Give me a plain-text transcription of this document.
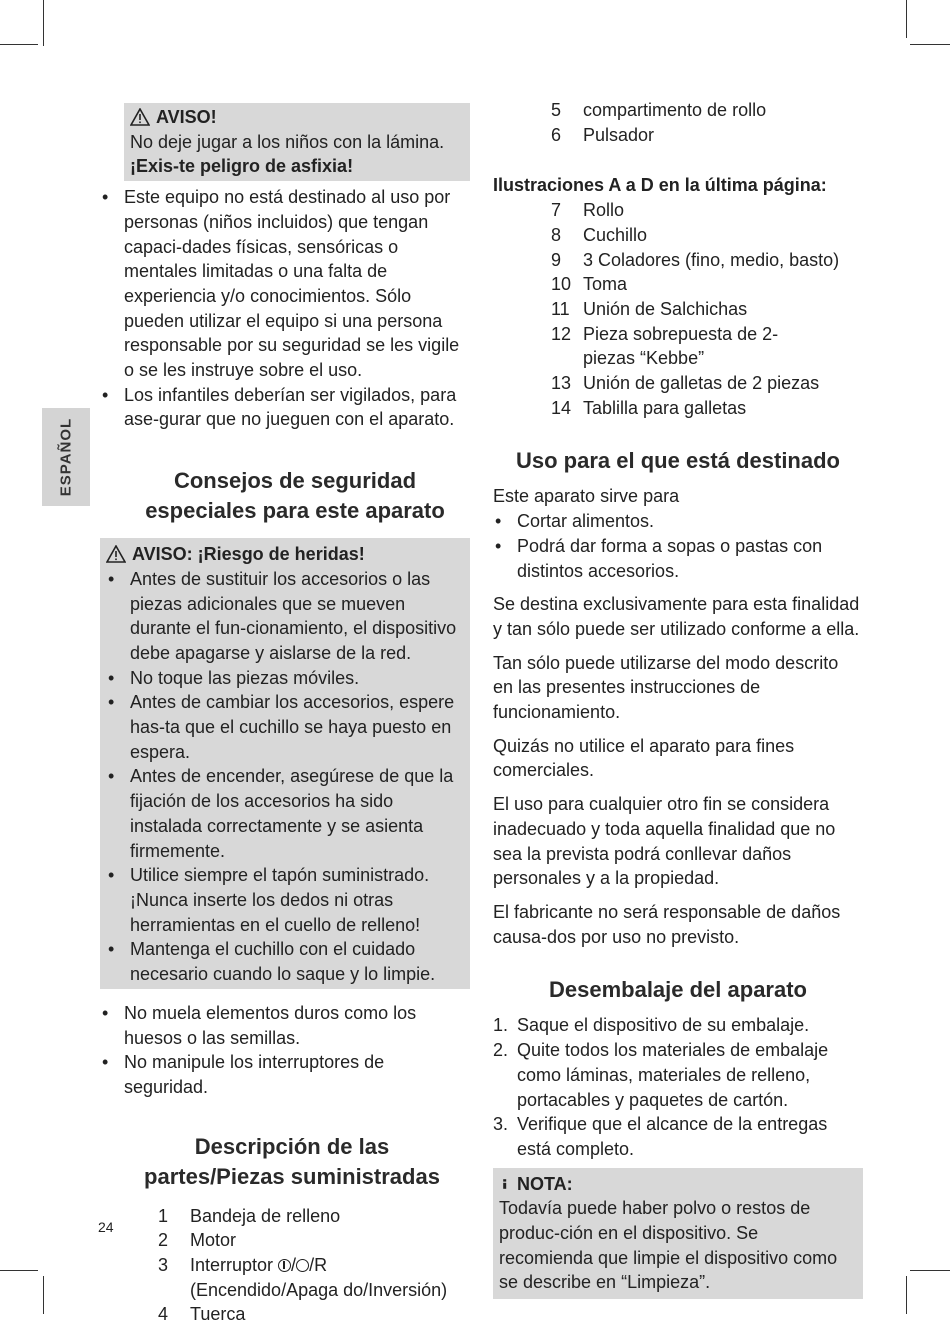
ESPAÑOL
AVISO!

No deje jugar a los niños con la lámina. ¡Exis-te peligro de asfixia!

• Este equipo no está destinado al uso por personas (niños incluidos) que tengan capaci-dades físicas, sensóricas o mentales limitadas o una falta de experiencia y/o conocimientos. Sólo pueden utilizar el equipo si una persona responsable por su seguridad se les vigile o se les instruye sobre el uso.

• Los infantiles deberían ser vigilados, para ase-gurar que no jueguen con el aparato.

Consejos de seguridad especiales para este aparato
AVISO: ¡Riesgo de heridas!

• Antes de sustituir los accesorios o las piezas adicionales que se mueven durante el fun-cionamiento, el dispositivo debe apagarse y aislarse de la red.

• No toque las piezas móviles.

• Antes de cambiar los accesorios, espere has-ta que el cuchillo se haya puesto en espera.

• Antes de encender, asegúrese de que la fijación de los accesorios ha sido instalada correctamente y se asienta firmemente.

• Utilice siempre el tapón suministrado. ¡Nunca inserte los dedos ni otras herramientas en el cuello de relleno!

• Mantenga el cuchillo con el cuidado necesario cuando lo saque y lo limpie.

• No muela elementos duros como los huesos o las semillas.

• No manipule los interruptores de seguridad.

Descripción de las partes/Piezas suministradas
1	Bandeja de relleno
2	Motor
3	Interruptor / /R (Encendido/Apaga do/Inversión)
4	Tuerca
5	compartimento de rollo
6	Pulsador

Ilustraciones A a D en la última página:

7	Rollo
8	Cuchillo
9	3 Coladores (fino, medio, basto)
10 Toma
11 Unión de Salchichas
12 Pieza sobrepuesta de 2-piezas “Kebbe”
13 Unión de galletas de 2 piezas
14 Tablilla para galletas
Uso para el que está destinado

Este aparato sirve para

• Cortar alimentos.

• Podrá dar forma a sopas o pastas con distintos accesorios.

Se destina exclusivamente para esta finalidad y tan sólo puede ser utilizado conforme a ella.

Tan sólo puede utilizarse del modo descrito en las presentes instrucciones de funcionamiento.

Quizás no utilice el aparato para fines comerciales.

El uso para cualquier otro fin se considera inadecuado y toda aquella finalidad que no sea la prevista podrá conllevar daños personales y a la propiedad.

El fabricante no será responsable de daños causa-dos por uso no previsto.

Desembalaje del aparato
1. Saque el dispositivo de su embalaje.
2. Quite todos los materiales de embalaje como láminas, materiales de relleno, portacables y paquetes de cartón.
3. Verifique que el alcance de la entregas está completo.
NOTA:

Todavía puede haber polvo o restos de produc-ción en el dispositivo. Se recomienda que limpie el dispositivo como se describe en “Limpieza”.

24
